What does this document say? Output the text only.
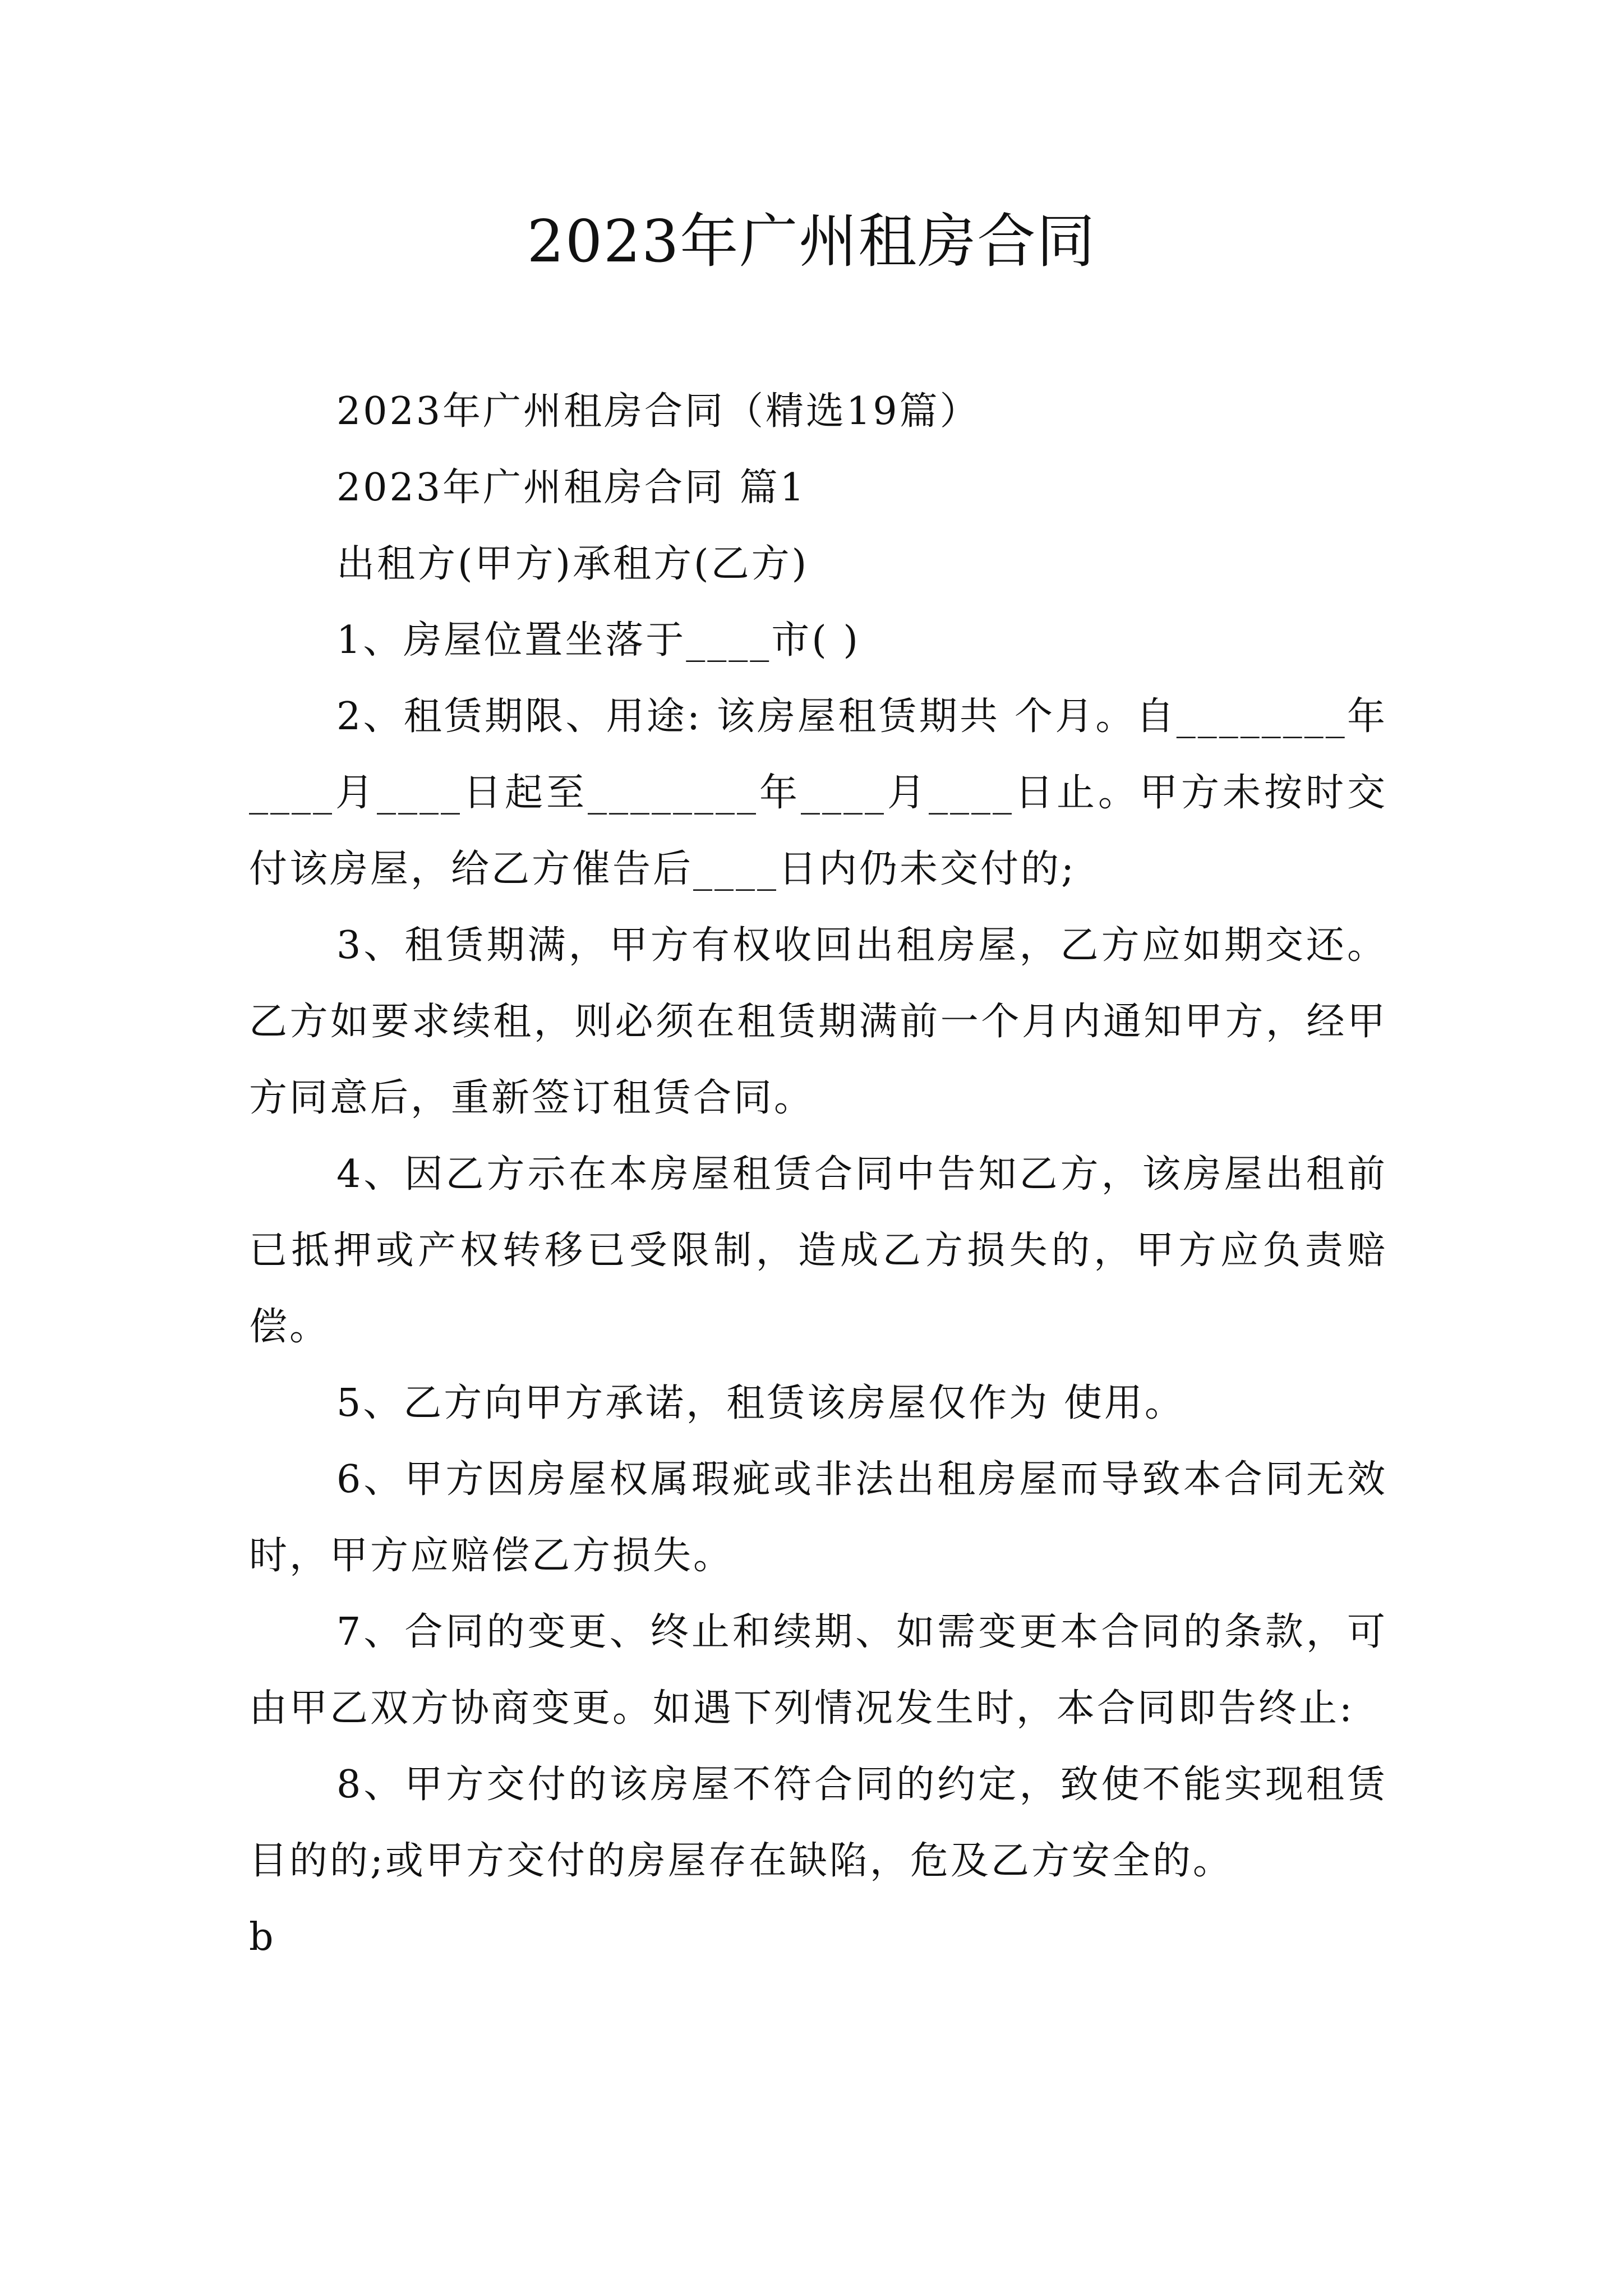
2023年广州租房合同

2023年广州租房合同（精选19篇）

2023年广州租房合同 篇1

出租方(甲方)承租方(乙方)

1、房屋位置坐落于____市( )

2、租赁期限、用途: 该房屋租赁期共 个月。自________年____月____日起至________年____月____日止。甲方未按时交付该房屋，给乙方催告后____日内仍未交付的;

3、租赁期满，甲方有权收回出租房屋，乙方应如期交还。乙方如要求续租，则必须在租赁期满前一个月内通知甲方，经甲方同意后，重新签订租赁合同。

4、因乙方示在本房屋租赁合同中告知乙方，该房屋出租前已抵押或产权转移已受限制，造成乙方损失的，甲方应负责赔偿。

5、乙方向甲方承诺，租赁该房屋仅作为 使用。

6、甲方因房屋权属瑕疵或非法出租房屋而导致本合同无效时，甲方应赔偿乙方损失。

7、合同的变更、终止和续期、如需变更本合同的条款，可由甲乙双方协商变更。如遇下列情况发生时，本合同即告终止:

8、甲方交付的该房屋不符合同的约定，致使不能实现租赁目的的;或甲方交付的房屋存在缺陷，危及乙方安全的。

b
